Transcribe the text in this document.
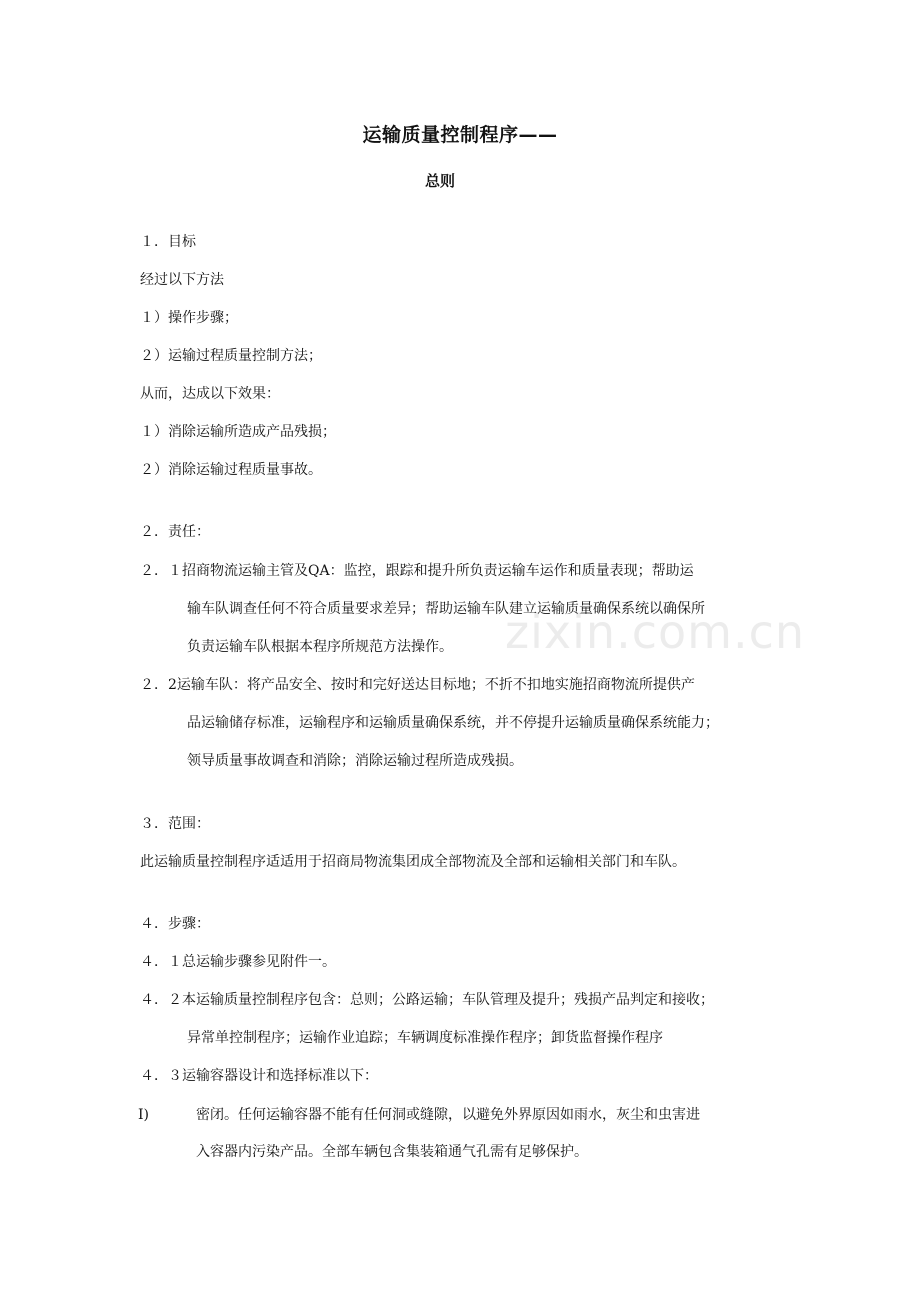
运输质量控制程序——
总则
１．目标
经过以下方法
１）操作步骤；
２）运输过程质量控制方法；
从而，达成以下效果：
１）消除运输所造成产品残损；
２）消除运输过程质量事故。
２．责任：
２．１招商物流运输主管及QA：监控，跟踪和提升所负责运输车运作和质量表现；帮助运
输车队调查任何不符合质量要求差异；帮助运输车队建立运输质量确保系统以确保所
负责运输车队根据本程序所规范方法操作。
２．2运输车队：将产品安全、按时和完好送达目标地；不折不扣地实施招商物流所提供产
品运输储存标准，运输程序和运输质量确保系统，并不停提升运输质量确保系统能力；
领导质量事故调查和消除；消除运输过程所造成残损。
３．范围：
此运输质量控制程序适适用于招商局物流集团成全部物流及全部和运输相关部门和车队。
４．步骤：
４．１总运输步骤参见附件一。
４．２本运输质量控制程序包含：总则；公路运输；车队管理及提升；残损产品判定和接收；
异常单控制程序；运输作业追踪；车辆调度标准操作程序；卸货监督操作程序
４．３运输容器设计和选择标准以下：
I)	密闭。任何运输容器不能有任何洞或缝隙，以避免外界原因如雨水，灰尘和虫害进
入容器内污染产品。全部车辆包含集装箱通气孔需有足够保护。
zixin.com.cn
